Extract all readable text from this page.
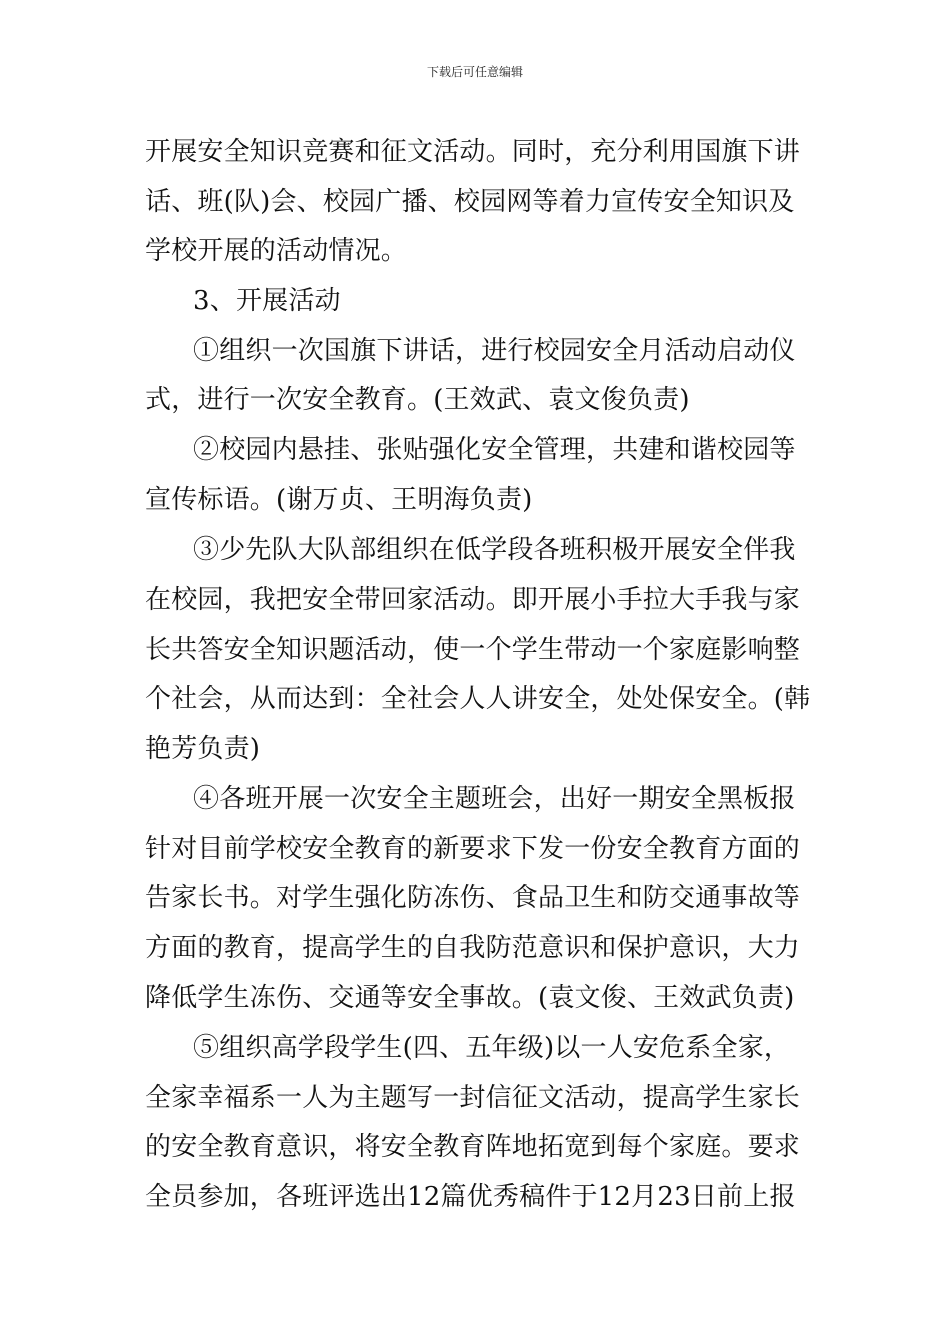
下载后可任意编辑
开展安全知识竞赛和征文活动。同时，充分利用国旗下讲
话、班(队)会、校园广播、校园网等着力宣传安全知识及
学校开展的活动情况。
3、开展活动
①组织一次国旗下讲话，进行校园安全月活动启动仪
式，进行一次安全教育。(王效武、袁文俊负责)
②校园内悬挂、张贴强化安全管理，共建和谐校园等
宣传标语。(谢万贞、王明海负责)
③少先队大队部组织在低学段各班积极开展安全伴我
在校园，我把安全带回家活动。即开展小手拉大手我与家
长共答安全知识题活动，使一个学生带动一个家庭影响整
个社会，从而达到：全社会人人讲安全，处处保安全。(韩
艳芳负责)
④各班开展一次安全主题班会，出好一期安全黑板报
针对目前学校安全教育的新要求下发一份安全教育方面的
告家长书。对学生强化防冻伤、食品卫生和防交通事故等
方面的教育，提高学生的自我防范意识和保护意识，大力
降低学生冻伤、交通等安全事故。(袁文俊、王效武负责)
⑤组织高学段学生(四、五年级)以一人安危系全家，
全家幸福系一人为主题写一封信征文活动，提高学生家长
的安全教育意识，将安全教育阵地拓宽到每个家庭。要求
全员参加，各班评选出12篇优秀稿件于12月23日前上报
